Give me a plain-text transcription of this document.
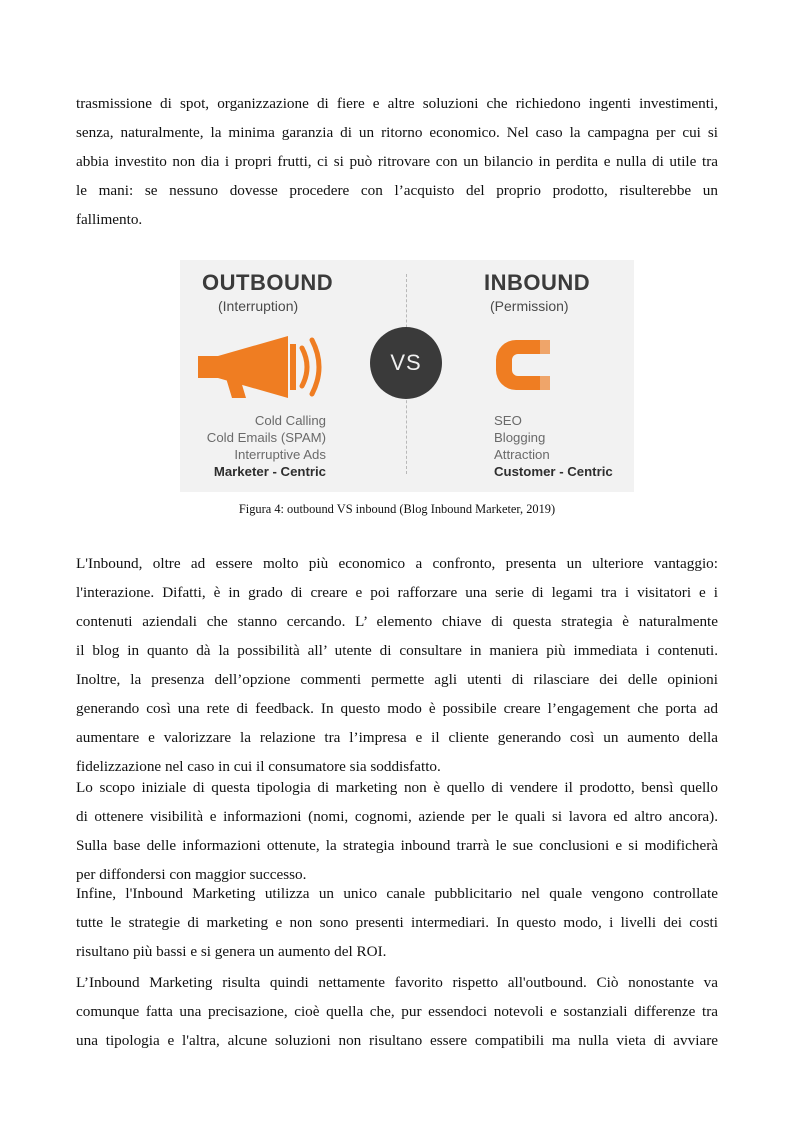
trasmissione di spot, organizzazione di fiere e altre soluzioni che richiedono ingenti investimenti,
senza, naturalmente, la minima garanzia di un ritorno economico. Nel caso la campagna per cui si
abbia investito non dia i propri frutti, ci si può ritrovare con un bilancio in perdita e nulla di utile tra
le mani: se nessuno dovesse procedere con l’acquisto del proprio prodotto, risulterebbe un
fallimento.
OUTBOUND
(Interruption)
Cold Calling
Cold Emails (SPAM)
Interruptive Ads
Marketer - Centric
VS
INBOUND
(Permission)
SEO
Blogging
Attraction
Customer - Centric
Figura 4: outbound VS inbound (Blog Inbound Marketer, 2019)
L'Inbound, oltre ad essere molto più economico a confronto, presenta un ulteriore vantaggio:
l'interazione. Difatti, è in grado di creare e poi rafforzare una serie di legami tra i visitatori e i
contenuti aziendali che stanno cercando. L’ elemento chiave di questa strategia è naturalmente
il blog in quanto dà la possibilità all’ utente di consultare in maniera più immediata i contenuti.
Inoltre, la presenza dell’opzione commenti permette agli utenti di rilasciare dei delle opinioni
generando così una rete di feedback. In questo modo è possibile creare l’engagement che porta ad
aumentare e valorizzare la relazione tra l’impresa e il cliente generando così un aumento della
fidelizzazione nel caso in cui il consumatore sia soddisfatto.
Lo scopo iniziale di questa tipologia di marketing non è quello di vendere il prodotto, bensì quello
di ottenere visibilità e informazioni (nomi, cognomi, aziende per le quali si lavora ed altro ancora).
Sulla base delle informazioni ottenute, la strategia inbound trarrà le sue conclusioni e si modificherà
per diffondersi con maggior successo.
Infine, l'Inbound Marketing utilizza un unico canale pubblicitario nel quale vengono controllate
tutte le strategie di marketing e non sono presenti intermediari. In questo modo, i livelli dei costi
risultano più bassi e si genera un aumento del ROI.
L’Inbound Marketing risulta quindi nettamente favorito rispetto all'outbound. Ciò nonostante va
comunque fatta una precisazione, cioè quella che, pur essendoci notevoli e sostanziali differenze tra
una tipologia e l'altra, alcune soluzioni non risultano essere compatibili ma nulla vieta di avviare
